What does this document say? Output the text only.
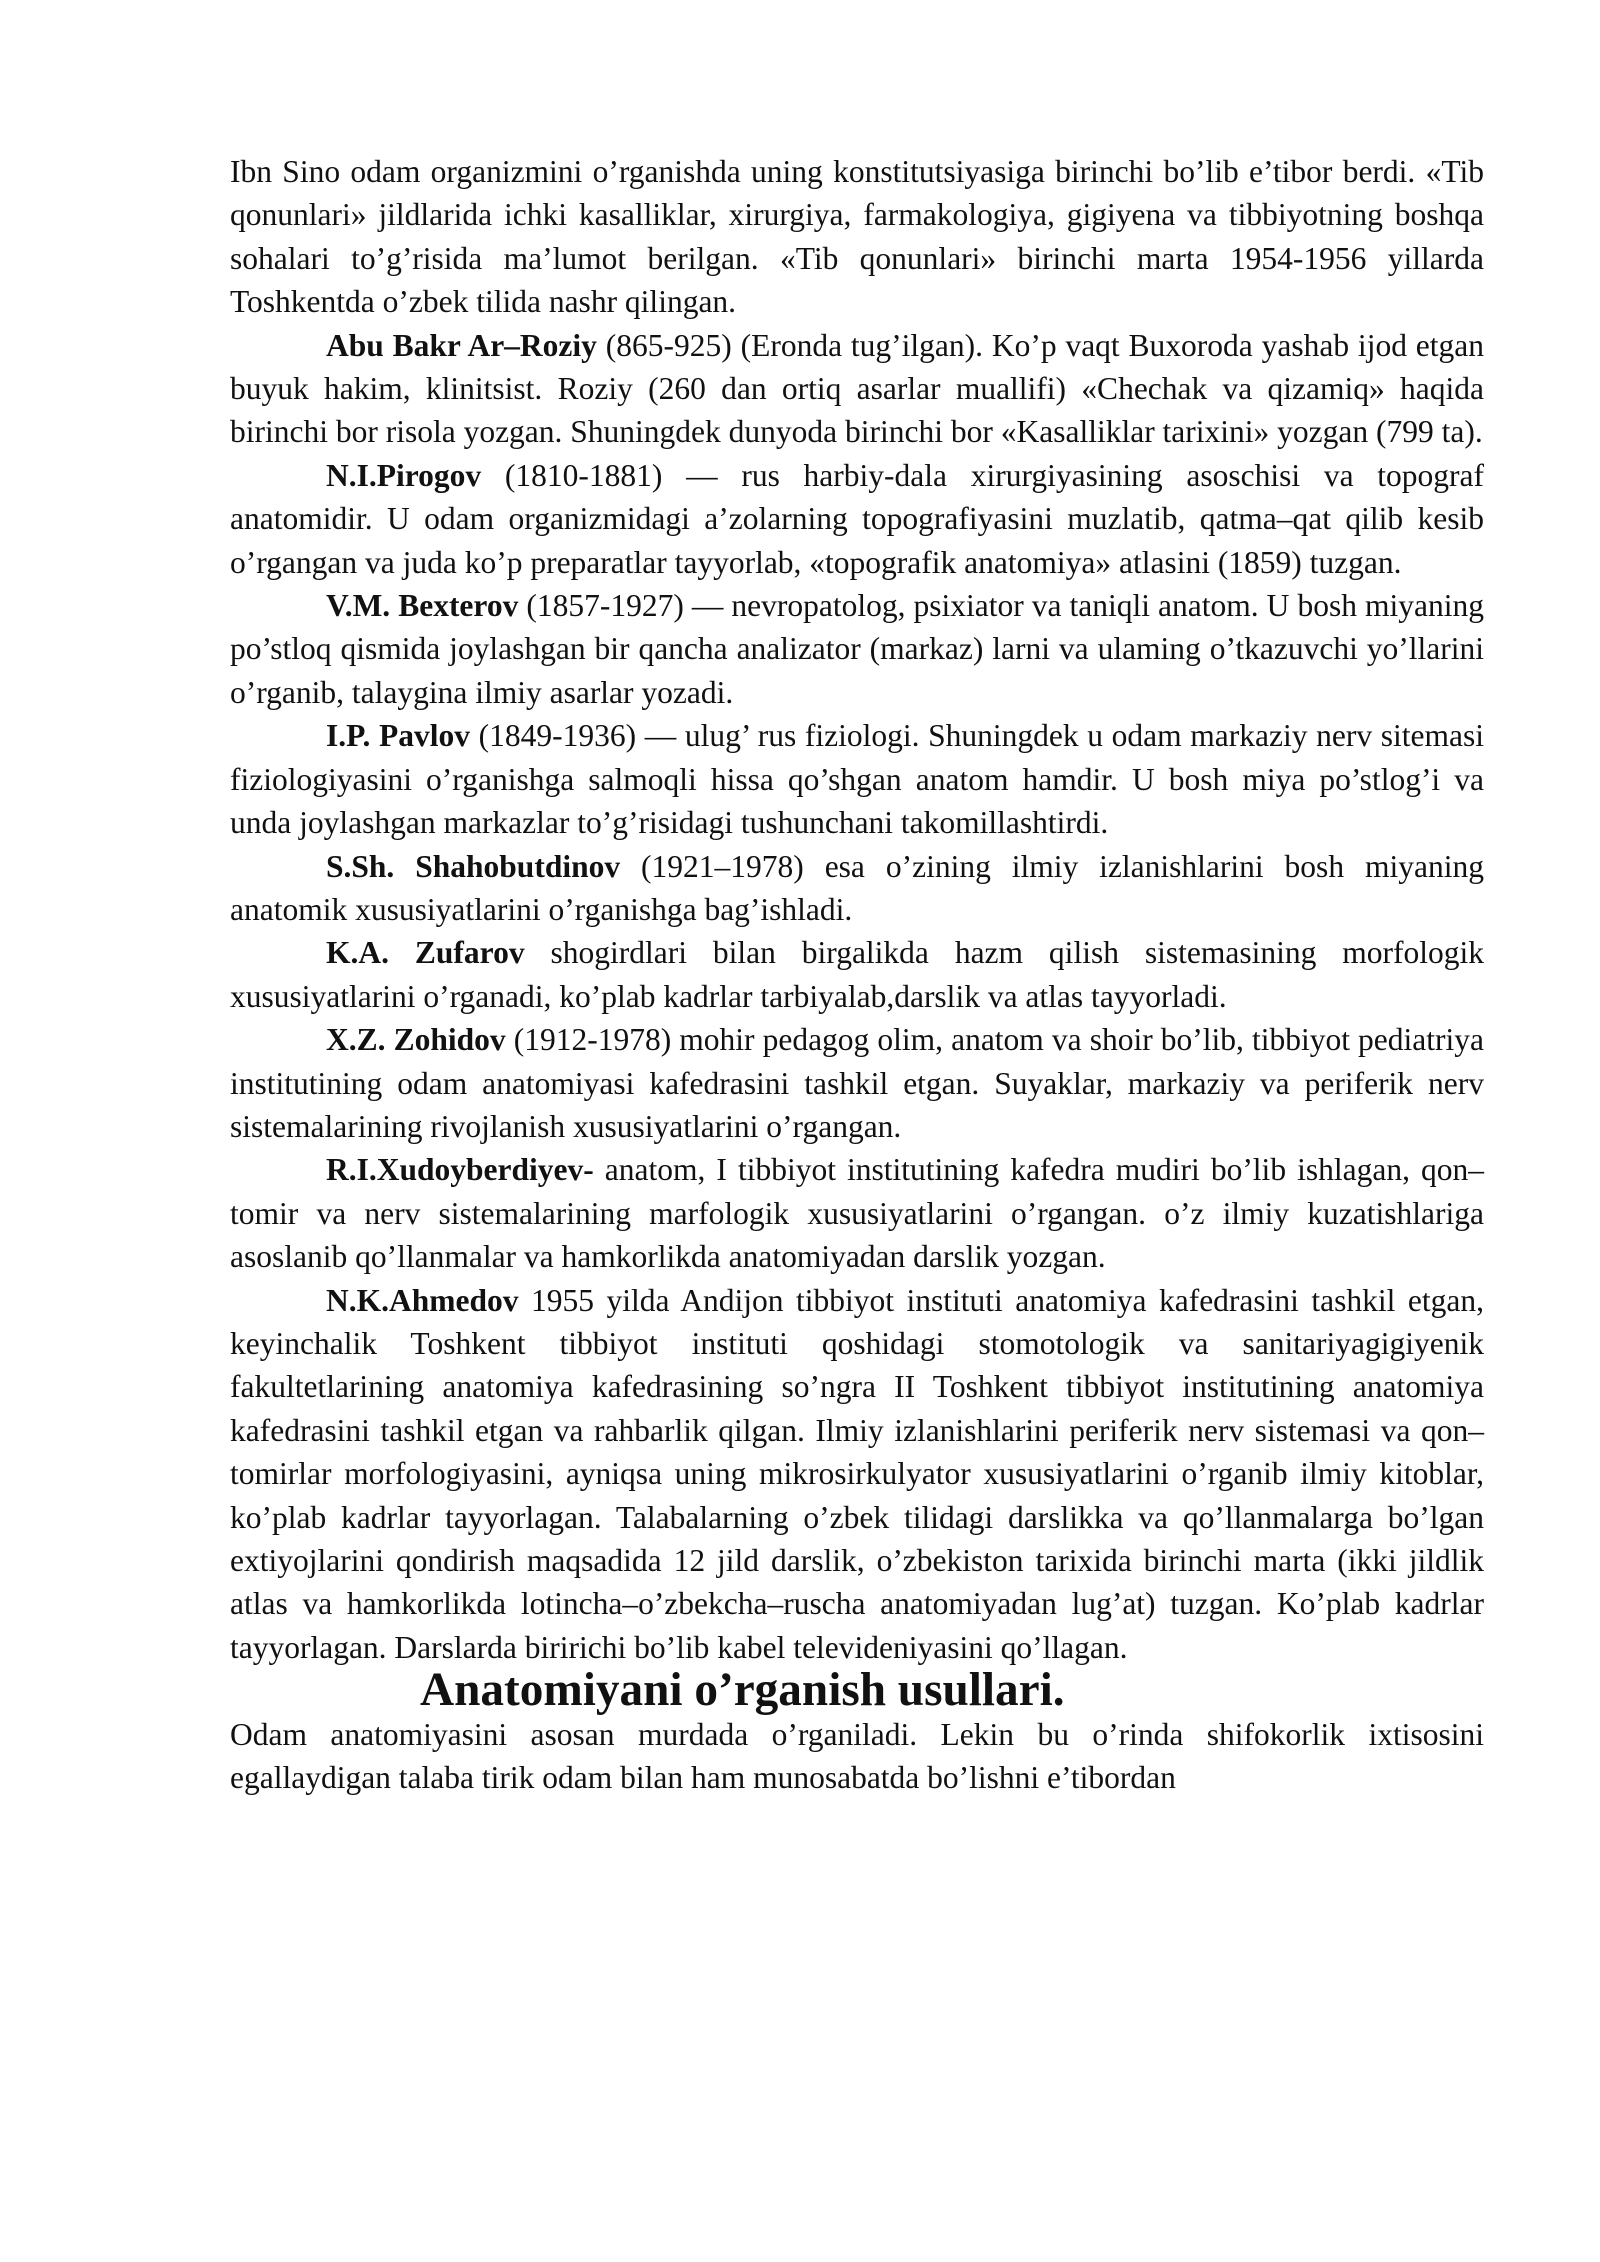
Ibn Sino odam organizmini o’rganishda uning konstitutsiyasiga birinchi bo’lib e’tibor berdi. «Tib qonunlari» jildlarida ichki kasalliklar, xirurgiya, farmakologiya, gigiyena va tibbiyotning boshqa sohalari to’g’risida ma’lumot berilgan. «Tib qonunlari» birinchi marta 1954-1956 yillarda Toshkentda o’zbek tilida nashr qilingan.

Abu Bakr Ar–Roziy (865-925) (Eronda tug’ilgan). Ko’p vaqt Buxoroda yashab ijod etgan buyuk hakim, klinitsist. Roziy (260 dan ortiq asarlar muallifi) «Chechak va qizamiq» haqida birinchi bor risola yozgan. Shuningdek dunyoda birinchi bor «Kasalliklar tarixini» yozgan (799 ta).

N.I.Pirogov (1810-1881) — rus harbiy-dala xirurgiyasining asoschisi va topograf anatomidir. U odam organizmidagi a’zolarning topografiyasini muzlatib, qatma–qat qilib kesib o’rgangan va juda ko’p preparatlar tayyorlab, «topografik anatomiya» atlasini (1859) tuzgan.

V.M. Bexterov (1857-1927) — nevropatolog, psixiator va taniqli anatom. U bosh miyaning po’stloq qismida joylashgan bir qancha analizator (markaz) larni va ulaming o’tkazuvchi yo’llarini o’rganib, talaygina ilmiy asarlar yozadi.

I.P. Pavlov (1849-1936) — ulug’ rus fiziologi. Shuningdek u odam markaziy nerv sitemasi fiziologiyasini o’rganishga salmoqli hissa qo’shgan anatom hamdir. U bosh miya po’stlog’i va unda joylashgan markazlar to’g’risidagi tushunchani takomillashtirdi.

S.Sh. Shahobutdinov (1921–1978) esa o’zining ilmiy izlanishlarini bosh miyaning anatomik xususiyatlarini o’rganishga bag’ishladi.

K.A. Zufarov shogirdlari bilan birgalikda hazm qilish sistemasining morfologik xususiyatlarini o’rganadi, ko’plab kadrlar tarbiyalab,darslik va atlas tayyorladi.

X.Z. Zohidov (1912-1978) mohir pedagog olim, anatom va shoir bo’lib, tibbiyot pediatriya institutining odam anatomiyasi kafedrasini tashkil etgan. Suyaklar, markaziy va periferik nerv sistemalarining rivojlanish xususiyatlarini o’rgangan.

R.I.Xudoyberdiyev- anatom, I tibbiyot institutining kafedra mudiri bo’lib ishlagan, qon–tomir va nerv sistemalarining marfologik xususiyatlarini o’rgangan. o’z ilmiy kuzatishlariga asoslanib qo’llanmalar va hamkorlikda anatomiyadan darslik yozgan.

N.K.Ahmedov 1955 yilda Andijon tibbiyot instituti anatomiya kafedrasini tashkil etgan, keyinchalik Toshkent tibbiyot instituti qoshidagi stomotologik va sanitariyagigiyenik fakultetlarining anatomiya kafedrasining so’ngra II Toshkent tibbiyot institutining anatomiya kafedrasini tashkil etgan va rahbarlik qilgan. Ilmiy izlanishlarini periferik nerv sistemasi va qon–tomirlar morfologiyasini, ayniqsa uning mikrosirkulyator xususiyatlarini o’rganib ilmiy kitoblar, ko’plab kadrlar tayyorlagan. Talabalarning o’zbek tilidagi darslikka va qo’llanmalarga bo’lgan extiyojlarini qondirish maqsadida 12 jild darslik, o’zbekiston tarixida birinchi marta (ikki jildlik atlas va hamkorlikda lotincha–o’zbekcha–ruscha anatomiyadan lug’at) tuzgan. Ko’plab kadrlar tayyorlagan. Darslarda biririchi bo’lib kabel televideniyasini qo’llagan.

Anatomiyani o’rganish usullari.

Odam anatomiyasini asosan murdada o’rganiladi. Lekin bu o’rinda shifokorlik ixtisosini egallaydigan talaba tirik odam bilan ham munosabatda bo’lishni e’tibordan
